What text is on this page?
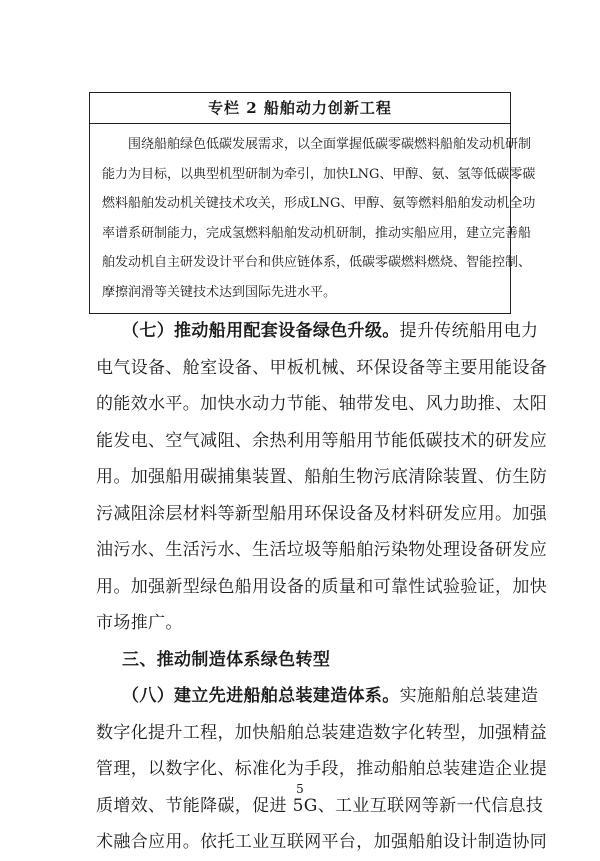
专栏 2 船舶动力创新工程
围绕船舶绿色低碳发展需求，以全面掌握低碳零碳燃料船舶发动机研制
能力为目标，以典型机型研制为牵引，加快LNG、甲醇、氨、氢等低碳零碳
燃料船舶发动机关键技术攻关，形成LNG、甲醇、氨等燃料船舶发动机全功
率谱系研制能力，完成氢燃料船舶发动机研制，推动实船应用，建立完善船
舶发动机自主研发设计平台和供应链体系，低碳零碳燃料燃烧、智能控制、
摩擦润滑等关键技术达到国际先进水平。
（七）推动船用配套设备绿色升级。提升传统船用电力
电气设备、舱室设备、甲板机械、环保设备等主要用能设备
的能效水平。加快水动力节能、轴带发电、风力助推、太阳
能发电、空气减阻、余热利用等船用节能低碳技术的研发应
用。加强船用碳捕集装置、船舶生物污底清除装置、仿生防
污减阻涂层材料等新型船用环保设备及材料研发应用。加强
油污水、生活污水、生活垃圾等船舶污染物处理设备研发应
用。加强新型绿色船用设备的质量和可靠性试验验证，加快
市场推广。
三、推动制造体系绿色转型
（八）建立先进船舶总装建造体系。实施船舶总装建造
数字化提升工程，加快船舶总装建造数字化转型，加强精益
管理，以数字化、标准化为手段，推动船舶总装建造企业提
质增效、节能降碳，促进 5G、工业互联网等新一代信息技
术融合应用。依托工业互联网平台，加强船舶设计制造协同
5
